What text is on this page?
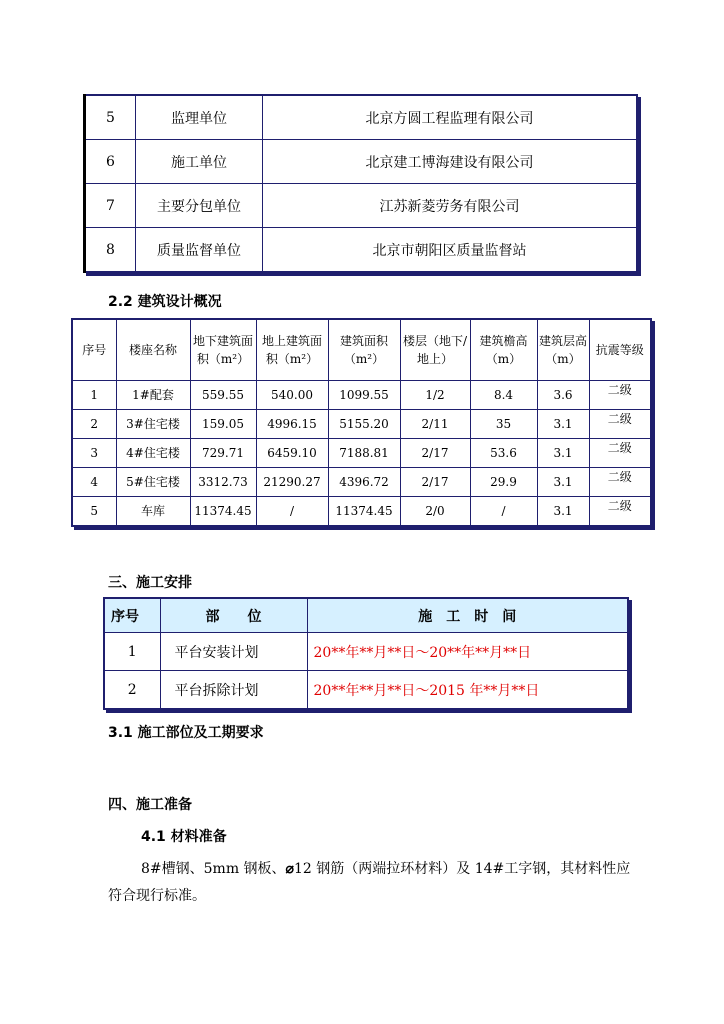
5	监理单位	北京方圆工程监理有限公司
6	施工单位	北京建工博海建设有限公司
7	主要分包单位	江苏新菱劳务有限公司
8	质量监督单位	北京市朝阳区质量监督站
2.2 建筑设计概况
序号	楼座名称	地下建筑面积（m²）	地上建筑面积（m²）	建筑面积（m²）	楼层（地下/地上）	建筑檐高（m）	建筑层高（m）	抗震等级
1	1#配套	559.55	540.00	1099.55	1/2	8.4	3.6	二级
2	3#住宅楼	159.05	4996.15	5155.20	2/11	35	3.1	二级
3	4#住宅楼	729.71	6459.10	7188.81	2/17	53.6	3.1	二级
4	5#住宅楼	3312.73	21290.27	4396.72	2/17	29.9	3.1	二级
5	车库	11374.45	/	11374.45	2/0	/	3.1	二级
三、施工安排
序号	部　　位	施　工　时　间
1	平台安装计划	20**年**月**日～20**年**月**日
2	平台拆除计划	20**年**月**日～2015 年**月**日
3.1 施工部位及工期要求
四、施工准备
4.1 材料准备
8#槽钢、5mm 钢板、⌀12 钢筋（两端拉环材料）及 14#工字钢，其材料性应
符合现行标准。
